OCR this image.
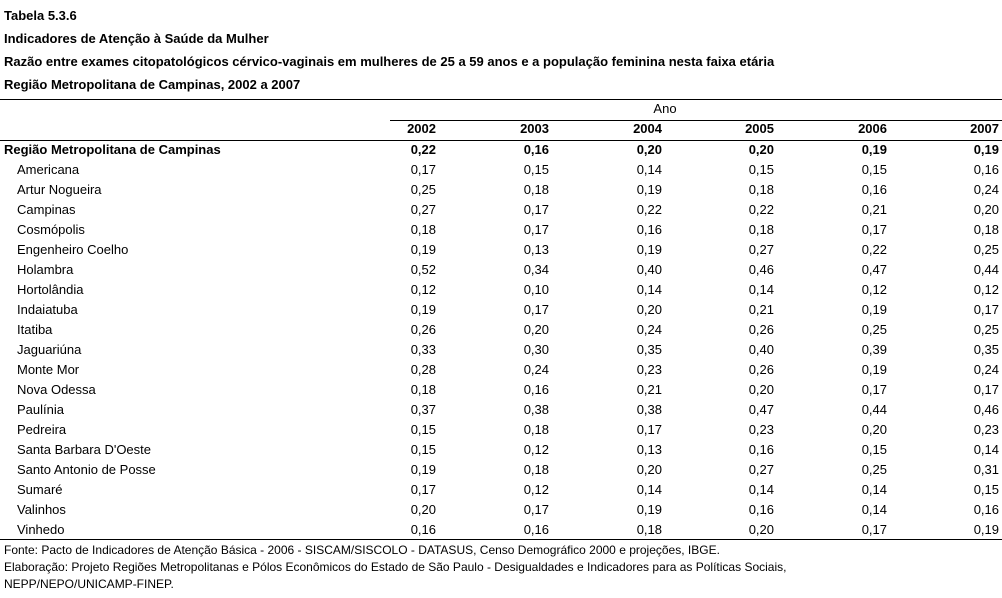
Tabela 5.3.6
Indicadores de Atenção à Saúde da Mulher
Razão entre exames citopatológicos cérvico-vaginais em mulheres de 25 a 59 anos e a população feminina nesta faixa etária
Região Metropolitana de Campinas, 2002 a 2007
Ano
2002	2003	2004	2005	2006	2007
Região Metropolitana de Campinas	0,22	0,16	0,20	0,20	0,19	0,19
Americana	0,17	0,15	0,14	0,15	0,15	0,16
Artur Nogueira	0,25	0,18	0,19	0,18	0,16	0,24
Campinas	0,27	0,17	0,22	0,22	0,21	0,20
Cosmópolis	0,18	0,17	0,16	0,18	0,17	0,18
Engenheiro Coelho	0,19	0,13	0,19	0,27	0,22	0,25
Holambra	0,52	0,34	0,40	0,46	0,47	0,44
Hortolândia	0,12	0,10	0,14	0,14	0,12	0,12
Indaiatuba	0,19	0,17	0,20	0,21	0,19	0,17
Itatiba	0,26	0,20	0,24	0,26	0,25	0,25
Jaguariúna	0,33	0,30	0,35	0,40	0,39	0,35
Monte Mor	0,28	0,24	0,23	0,26	0,19	0,24
Nova Odessa	0,18	0,16	0,21	0,20	0,17	0,17
Paulínia	0,37	0,38	0,38	0,47	0,44	0,46
Pedreira	0,15	0,18	0,17	0,23	0,20	0,23
Santa Barbara D'Oeste	0,15	0,12	0,13	0,16	0,15	0,14
Santo Antonio de Posse	0,19	0,18	0,20	0,27	0,25	0,31
Sumaré	0,17	0,12	0,14	0,14	0,14	0,15
Valinhos	0,20	0,17	0,19	0,16	0,14	0,16
Vinhedo	0,16	0,16	0,18	0,20	0,17	0,19
Fonte: Pacto de Indicadores de Atenção Básica - 2006 - SISCAM/SISCOLO - DATASUS, Censo Demográfico 2000 e projeções, IBGE.
Elaboração: Projeto Regiões Metropolitanas e Pólos Econômicos do Estado de São Paulo - Desigualdades e Indicadores para as Políticas Sociais,
NEPP/NEPO/UNICAMP-FINEP.
